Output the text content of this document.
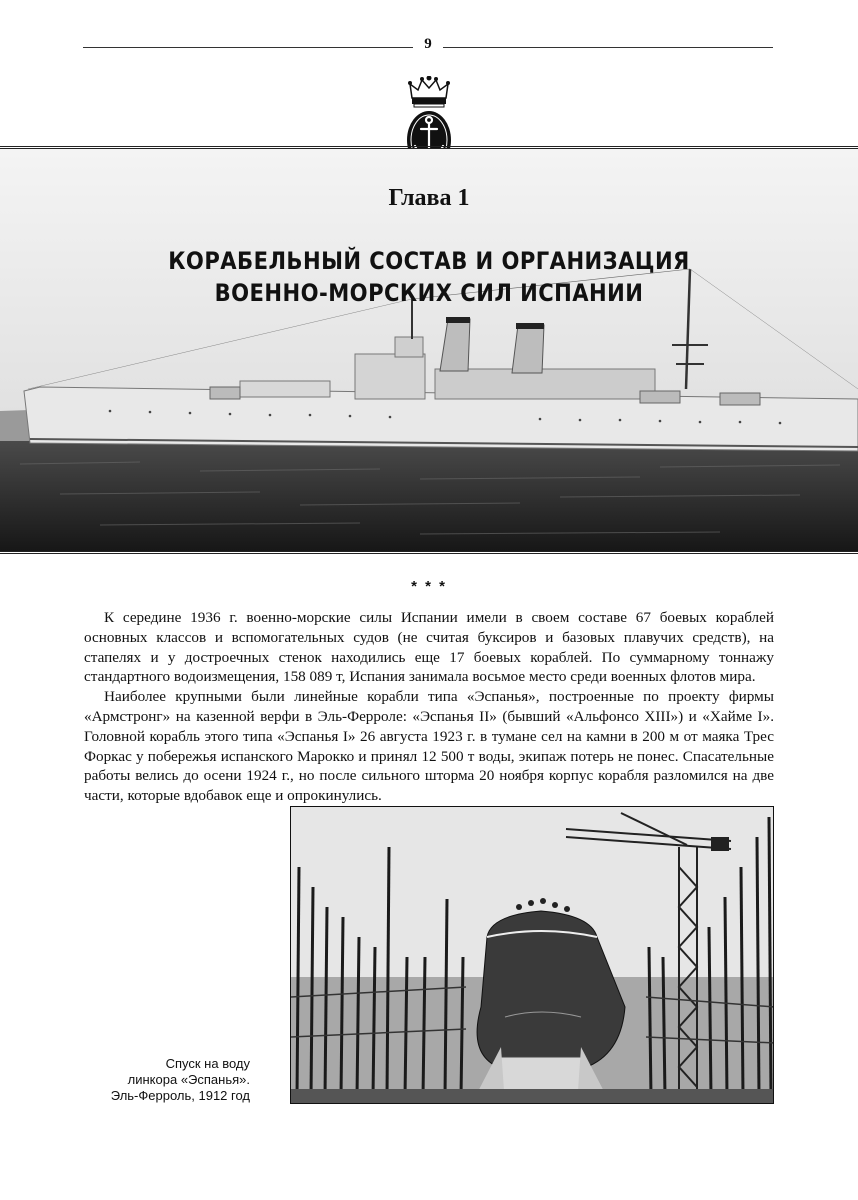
9
Глава 1
КОРАБЕЛЬНЫЙ СОСТАВ И ОРГАНИЗАЦИЯ
ВОЕННО-МОРСКИХ СИЛ ИСПАНИИ
* * *

К середине 1936 г. военно-морские силы Испании имели в своем составе 67 боевых кораблей основных классов и вспомогательных судов (не считая буксиров и базовых плавучих средств), на стапелях и у достроечных стенок находились еще 17 боевых кораблей. По суммарному тоннажу стандартного водоизмещения, 158 089 т, Испания занимала восьмое место среди военных флотов мира.

Наиболее крупными были линейные корабли типа «Эспанья», построенные по проекту фирмы «Армстронг» на казенной верфи в Эль-Ферроле: «Эспанья II» (бывший «Альфонсо XIII») и «Хайме I». Головной корабль этого типа «Эспанья I» 26 августа 1923 г. в тумане сел на камни в 200 м от маяка Трес Форкас у побережья испанского Марокко и принял 12 500 т воды, экипаж потерь не понес. Спасательные работы велись до осени 1924 г., но после сильного шторма 20 ноября корпус корабля разломился на две части, которые вдобавок еще и опрокинулись.

Спуск на воду
линкора «Эспанья».
Эль-Ферроль, 1912 год
